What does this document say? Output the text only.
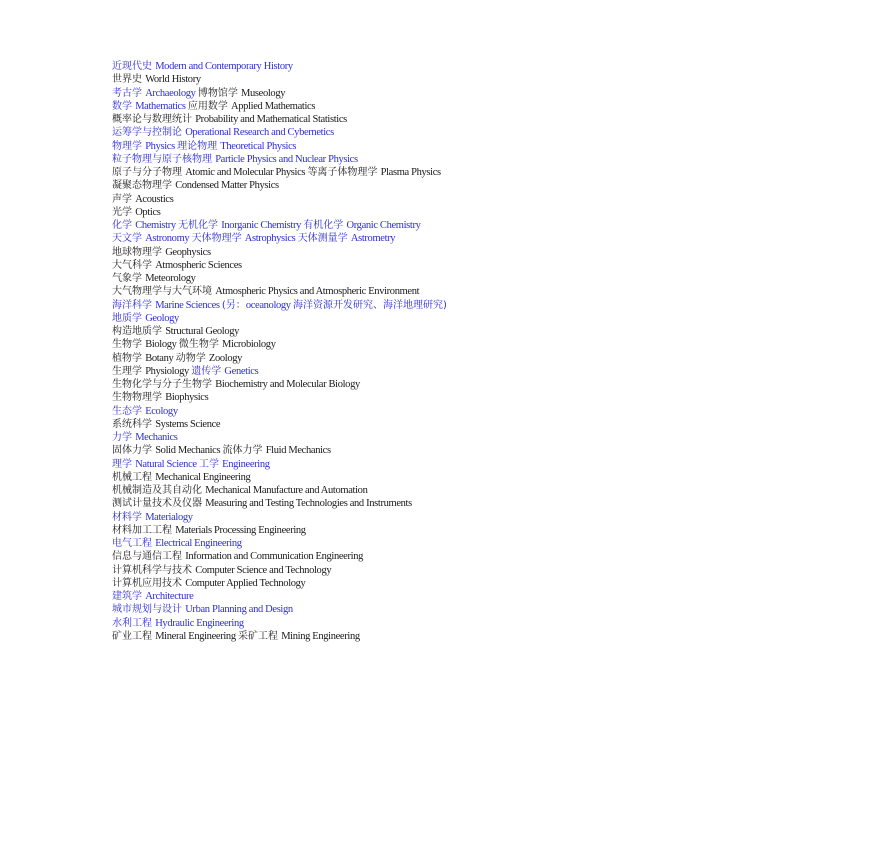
近现代史 Modern and Contemporary History
世界史 World History
考古学 Archaeology 博物馆学 Museology
数学 Mathematics 应用数学 Applied Mathematics
概率论与数理统计 Probability and Mathematical Statistics
运筹学与控制论 Operational Research and Cybernetics
物理学 Physics 理论物理 Theoretical Physics
粒子物理与原子核物理 Particle Physics and Nuclear Physics
原子与分子物理 Atomic and Molecular Physics 等离子体物理学 Plasma Physics
凝聚态物理学 Condensed Matter Physics
声学 Acoustics
光学 Optics
化学 Chemistry 无机化学 Inorganic Chemistry 有机化学 Organic Chemistry
天文学 Astronomy 天体物理学 Astrophysics 天体测量学 Astrometry
地球物理学 Geophysics
大气科学 Atmospheric Sciences
气象学 Meteorology
大气物理学与大气环境 Atmospheric Physics and Atmospheric Environment
海洋科学 Marine Sciences (另：oceanology 海洋资源开发研究、海洋地理研究)
地质学 Geology
构造地质学 Structural Geology
生物学 Biology 微生物学 Microbiology
植物学 Botany 动物学 Zoology
生理学 Physiology 遗传学 Genetics
生物化学与分子生物学 Biochemistry and Molecular Biology
生物物理学 Biophysics
生态学 Ecology
系统科学 Systems Science
力学 Mechanics
固体力学 Solid Mechanics 流体力学 Fluid Mechanics
理学 Natural Science 工学 Engineering
机械工程 Mechanical Engineering
机械制造及其自动化 Mechanical Manufacture and Automation
测试计量技术及仪器 Measuring and Testing Technologies and Instruments
材料学 Materialogy
材料加工工程 Materials Processing Engineering
电气工程 Electrical Engineering
信息与通信工程 Information and Communication Engineering
计算机科学与技术 Computer Science and Technology
计算机应用技术 Computer Applied Technology
建筑学 Architecture
城市规划与设计 Urban Planning and Design
水利工程 Hydraulic Engineering
矿业工程 Mineral Engineering 采矿工程 Mining Engineering
